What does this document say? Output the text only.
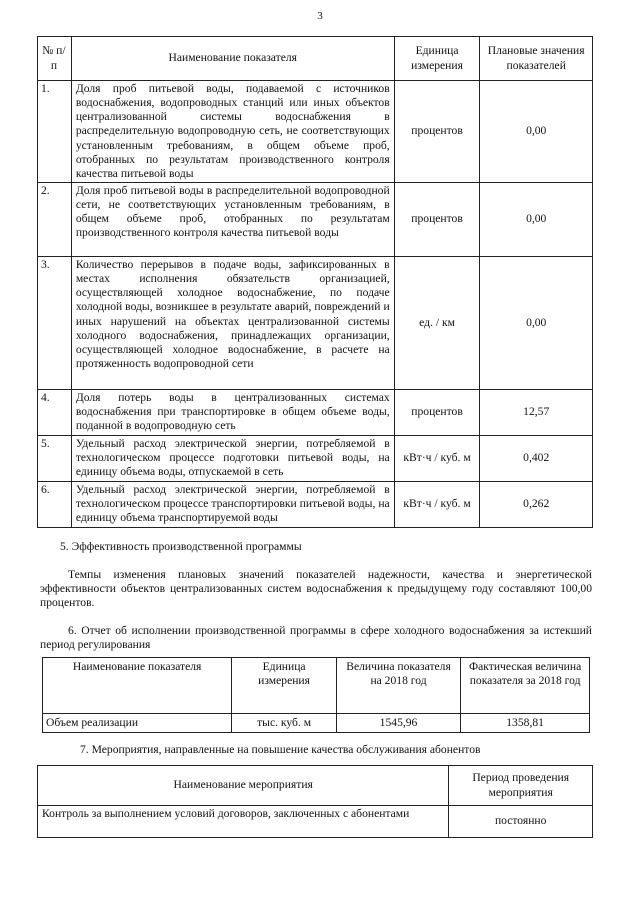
3
№ п/п	Наименование показателя	Единица измерения	Плановые значения показателей
1.	Доля проб питьевой воды, подаваемой с источников водоснабжения, водопроводных станций или иных объектов централизованной системы водоснабжения в распределительную водопроводную сеть, не соответствующих установленным требованиям, в общем объеме проб, отобранных по результатам производственного контроля качества питьевой воды	процентов	0,00
2.	Доля проб питьевой воды в распределительной водопроводной сети, не соответствующих установленным требованиям, в общем объеме проб, отобранных по результатам производственного контроля качества питьевой воды	процентов	0,00
3.	Количество перерывов в подаче воды, зафиксированных в местах исполнения обязательств организацией, осуществляющей холодное водоснабжение, по подаче холодной воды, возникшее в результате аварий, повреждений и иных нарушений на объектах централизованной системы холодного водоснабжения, принадлежащих организации, осуществляющей холодное водоснабжение, в расчете на протяженность водопроводной сети	ед. / км	0,00
4.	Доля потерь воды в централизованных системах водоснабжения при транспортировке в общем объеме воды, поданной в водопроводную сеть	процентов	12,57
5.	Удельный расход электрической энергии, потребляемой в технологическом процессе подготовки питьевой воды, на единицу объема воды, отпускаемой в сеть	кВт·ч / куб. м	0,402
6.	Удельный расход электрической энергии, потребляемой в технологическом процессе транспортировки питьевой воды, на единицу объема транспортируемой воды	кВт·ч / куб. м	0,262
5. Эффективность производственной программы
Темпы изменения плановых значений показателей надежности, качества и энергетической эффективности объектов централизованных систем водоснабжения к предыдущему году составляют 100,00 процентов.
6. Отчет об исполнении производственной программы в сфере холодного водоснабжения за истекший период регулирования
Наименование показателя	Единица измерения	Величина показателя на 2018 год	Фактическая величина показателя за 2018 год
Объем реализации	тыс. куб. м	1545,96	1358,81
7. Мероприятия, направленные на повышение качества обслуживания абонентов
Наименование мероприятия	Период проведения мероприятия
Контроль за выполнением условий договоров, заключенных с абонентами	постоянно
